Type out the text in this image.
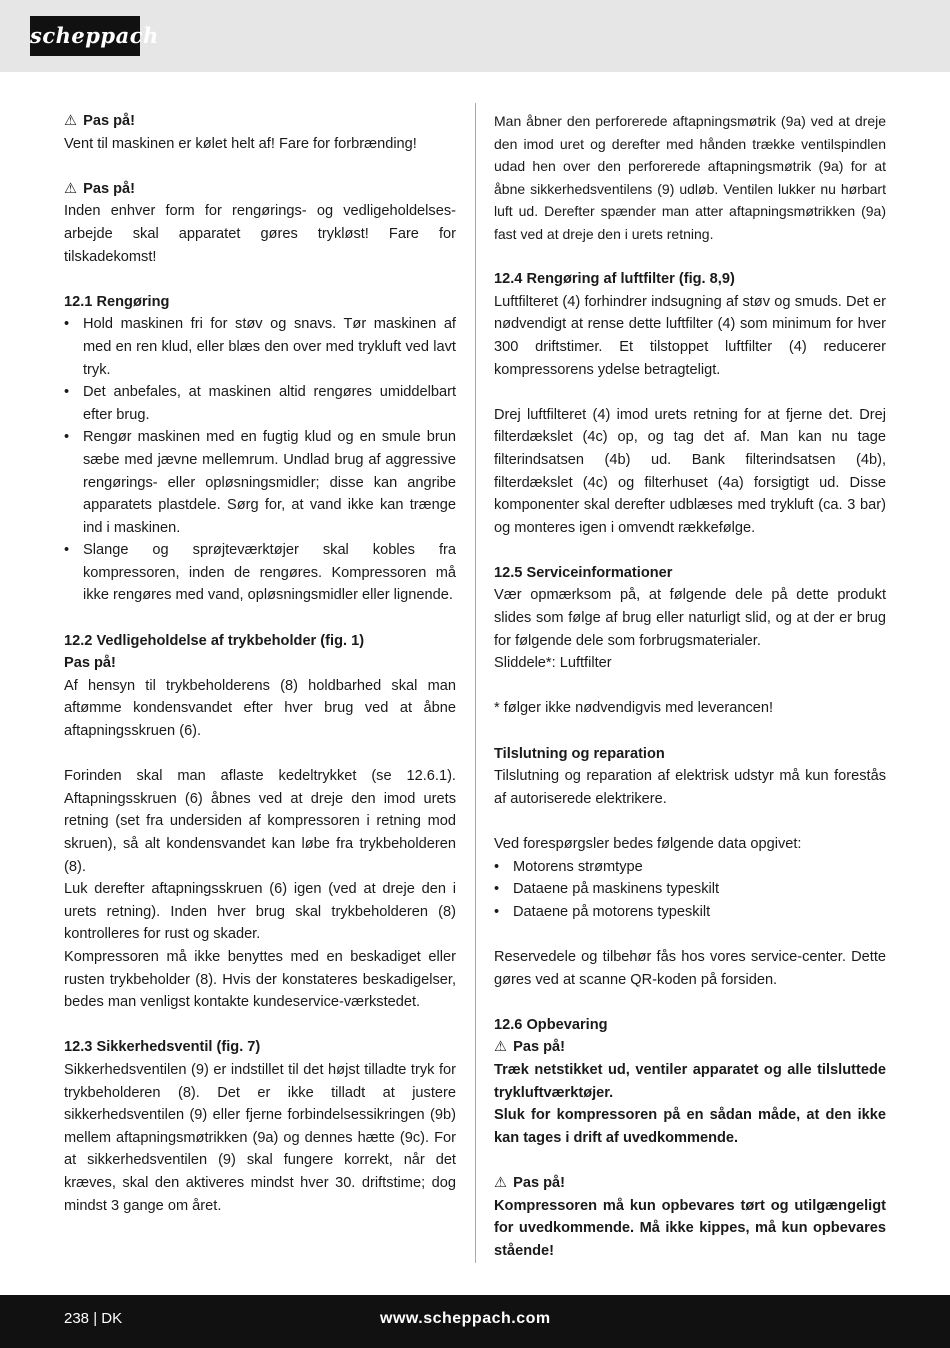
scheppach

⚠ Pas på!

Vent til maskinen er kølet helt af! Fare for forbrænding!

⚠ Pas på!

Inden enhver form for rengørings- og vedligeholdelses-arbejde skal apparatet gøres trykløst! Fare for tilskadekomst!

12.1 Rengøring
• Hold maskinen fri for støv og snavs. Tør maskinen af med en ren klud, eller blæs den over med trykluft ved lavt tryk.
• Det anbefales, at maskinen altid rengøres umiddelbart efter brug.
• Rengør maskinen med en fugtig klud og en smule brun sæbe med jævne mellemrum. Undlad brug af aggressive rengørings- eller opløsningsmidler; disse kan angribe apparatets plastdele. Sørg for, at vand ikke kan trænge ind i maskinen.
• Slange og sprøjteværktøjer skal kobles fra kompressoren, inden de rengøres. Kompressoren må ikke rengøres med vand, opløsningsmidler eller lignende.
12.2 Vedligeholdelse af trykbeholder (fig. 1)

Pas på!

Af hensyn til trykbeholderens (8) holdbarhed skal man aftømme kondensvandet efter hver brug ved at åbne aftapningsskruen (6).

Forinden skal man aflaste kedeltrykket (se 12.6.1). Aftapningsskruen (6) åbnes ved at dreje den imod urets retning (set fra undersiden af kompressoren i retning mod skruen), så alt kondensvandet kan løbe fra trykbeholderen (8).

Luk derefter aftapningsskruen (6) igen (ved at dreje den i urets retning). Inden hver brug skal trykbeholderen (8) kontrolleres for rust og skader.

Kompressoren må ikke benyttes med en beskadiget eller rusten trykbeholder (8). Hvis der konstateres beskadigelser, bedes man venligst kontakte kundeservice-værkstedet.

12.3 Sikkerhedsventil (fig. 7)

Sikkerhedsventilen (9) er indstillet til det højst tilladte tryk for trykbeholderen (8). Det er ikke tilladt at justere sikkerhedsventilen (9) eller fjerne forbindelsessikringen (9b) mellem aftapningsmøtrikken (9a) og dennes hætte (9c). For at sikkerhedsventilen (9) skal fungere korrekt, når det kræves, skal den aktiveres mindst hver 30. driftstime; dog mindst 3 gange om året.

Man åbner den perforerede aftapningsmøtrik (9a) ved at dreje den imod uret og derefter med hånden trække ventilspindlen udad hen over den perforerede aftapningsmøtrik (9a) for at åbne sikkerhedsventilens (9) udløb. Ventilen lukker nu hørbart luft ud. Derefter spænder man atter aftapningsmøtrikken (9a) fast ved at dreje den i urets retning.

12.4 Rengøring af luftfilter (fig. 8,9)

Luftfilteret (4) forhindrer indsugning af støv og smuds. Det er nødvendigt at rense dette luftfilter (4) som minimum for hver 300 driftstimer. Et tilstoppet luftfilter (4) reducerer kompressorens ydelse betragteligt.

Drej luftfilteret (4) imod urets retning for at fjerne det. Drej filterdækslet (4c) op, og tag det af. Man kan nu tage filterindsatsen (4b) ud. Bank filterindsatsen (4b), filterdækslet (4c) og filterhuset (4a) forsigtigt ud. Disse komponenter skal derefter udblæses med trykluft (ca. 3 bar) og monteres igen i omvendt rækkefølge.

12.5 Serviceinformationer

Vær opmærksom på, at følgende dele på dette produkt slides som følge af brug eller naturligt slid, og at der er brug for følgende dele som forbrugsmaterialer.

Sliddele*: Luftfilter

* følger ikke nødvendigvis med leverancen!

Tilslutning og reparation

Tilslutning og reparation af elektrisk udstyr må kun forestås af autoriserede elektrikere.

Ved forespørgsler bedes følgende data opgivet:

• Motorens strømtype
• Dataene på maskinens typeskilt
• Dataene på motorens typeskilt

Reservedele og tilbehør fås hos vores service-center. Dette gøres ved at scanne QR-koden på forsiden.

12.6 Opbevaring

⚠ Pas på!

Træk netstikket ud, ventiler apparatet og alle tilsluttede trykluftværktøjer.

Sluk for kompressoren på en sådan måde, at den ikke kan tages i drift af uvedkommende.

⚠ Pas på!

Kompressoren må kun opbevares tørt og utilgængeligt for uvedkommende. Må ikke kippes, må kun opbevares stående!

238 | DK	www.scheppach.com
